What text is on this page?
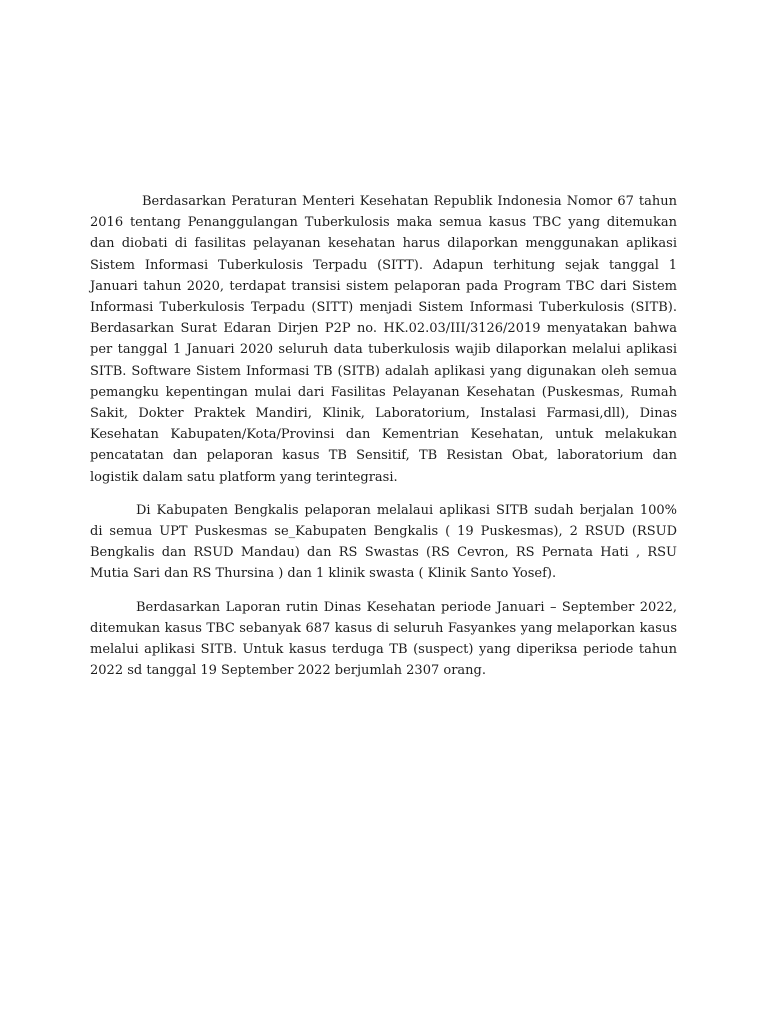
Berdasarkan Peraturan Menteri Kesehatan Republik Indonesia Nomor 67 tahun 2016 tentang Penanggulangan Tuberkulosis maka semua kasus TBC yang ditemukan dan diobati di fasilitas pelayanan kesehatan harus dilaporkan menggunakan aplikasi Sistem Informasi Tuberkulosis Terpadu (SITT). Adapun terhitung sejak tanggal 1 Januari tahun 2020, terdapat transisi sistem pelaporan pada Program TBC dari Sistem Informasi Tuberkulosis Terpadu (SITT) menjadi Sistem Informasi Tuberkulosis (SITB). Berdasarkan Surat Edaran Dirjen P2P no. HK.02.03/III/3126/2019 menyatakan bahwa per tanggal 1 Januari 2020 seluruh data tuberkulosis wajib dilaporkan melalui aplikasi SITB. Software Sistem Informasi TB (SITB) adalah aplikasi yang digunakan oleh semua pemangku kepentingan mulai dari Fasilitas Pelayanan Kesehatan (Puskesmas, Rumah Sakit, Dokter Praktek Mandiri, Klinik, Laboratorium, Instalasi Farmasi,dll), Dinas Kesehatan Kabupaten/Kota/Provinsi dan Kementrian Kesehatan, untuk melakukan pencatatan dan pelaporan kasus TB Sensitif, TB Resistan Obat, laboratorium dan logistik dalam satu platform yang terintegrasi.

Di Kabupaten Bengkalis pelaporan melalaui aplikasi SITB sudah berjalan 100% di semua UPT Puskesmas se_Kabupaten Bengkalis ( 19 Puskesmas), 2 RSUD (RSUD Bengkalis dan RSUD Mandau) dan RS Swastas (RS Cevron, RS Pernata Hati , RSU Mutia Sari dan RS Thursina ) dan 1 klinik swasta ( Klinik Santo Yosef).

Berdasarkan Laporan rutin Dinas Kesehatan periode Januari – September 2022, ditemukan kasus TBC sebanyak 687 kasus di seluruh Fasyankes yang melaporkan kasus melalui aplikasi SITB. Untuk kasus terduga TB (suspect) yang diperiksa periode tahun 2022 sd tanggal 19 September 2022 berjumlah 2307 orang.
